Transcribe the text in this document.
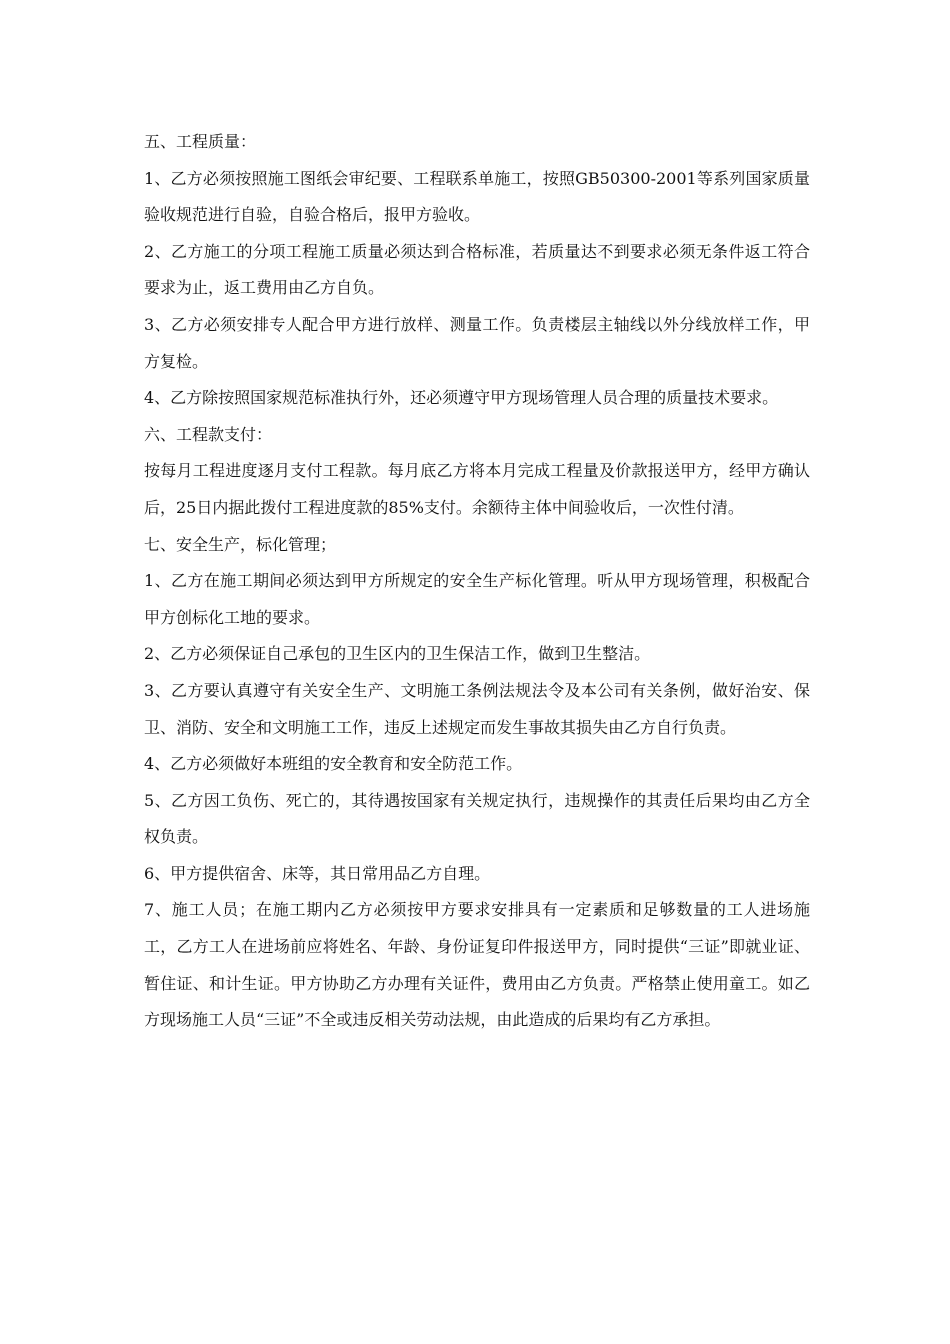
五、工程质量：

1、乙方必须按照施工图纸会审纪要、工程联系单施工，按照GB50300-2001等系列国家质量验收规范进行自验，自验合格后，报甲方验收。

2、乙方施工的分项工程施工质量必须达到合格标准，若质量达不到要求必须无条件返工符合要求为止，返工费用由乙方自负。

3、乙方必须安排专人配合甲方进行放样、测量工作。负责楼层主轴线以外分线放样工作，甲方复检。

4、乙方除按照国家规范标准执行外，还必须遵守甲方现场管理人员合理的质量技术要求。

六、工程款支付：

按每月工程进度逐月支付工程款。每月底乙方将本月完成工程量及价款报送甲方，经甲方确认后，25日内据此拨付工程进度款的85%支付。余额待主体中间验收后，一次性付清。

七、安全生产，标化管理；

1、乙方在施工期间必须达到甲方所规定的安全生产标化管理。听从甲方现场管理，积极配合甲方创标化工地的要求。

2、乙方必须保证自己承包的卫生区内的卫生保洁工作，做到卫生整洁。

3、乙方要认真遵守有关安全生产、文明施工条例法规法令及本公司有关条例，做好治安、保卫、消防、安全和文明施工工作，违反上述规定而发生事故其损失由乙方自行负责。

4、乙方必须做好本班组的安全教育和安全防范工作。

5、乙方因工负伤、死亡的，其待遇按国家有关规定执行，违规操作的其责任后果均由乙方全权负责。

6、甲方提供宿舍、床等，其日常用品乙方自理。

7、施工人员；在施工期内乙方必须按甲方要求安排具有一定素质和足够数量的工人进场施工，乙方工人在进场前应将姓名、年龄、身份证复印件报送甲方，同时提供“三证”即就业证、暂住证、和计生证。甲方协助乙方办理有关证件，费用由乙方负责。严格禁止使用童工。如乙方现场施工人员“三证”不全或违反相关劳动法规，由此造成的后果均有乙方承担。
